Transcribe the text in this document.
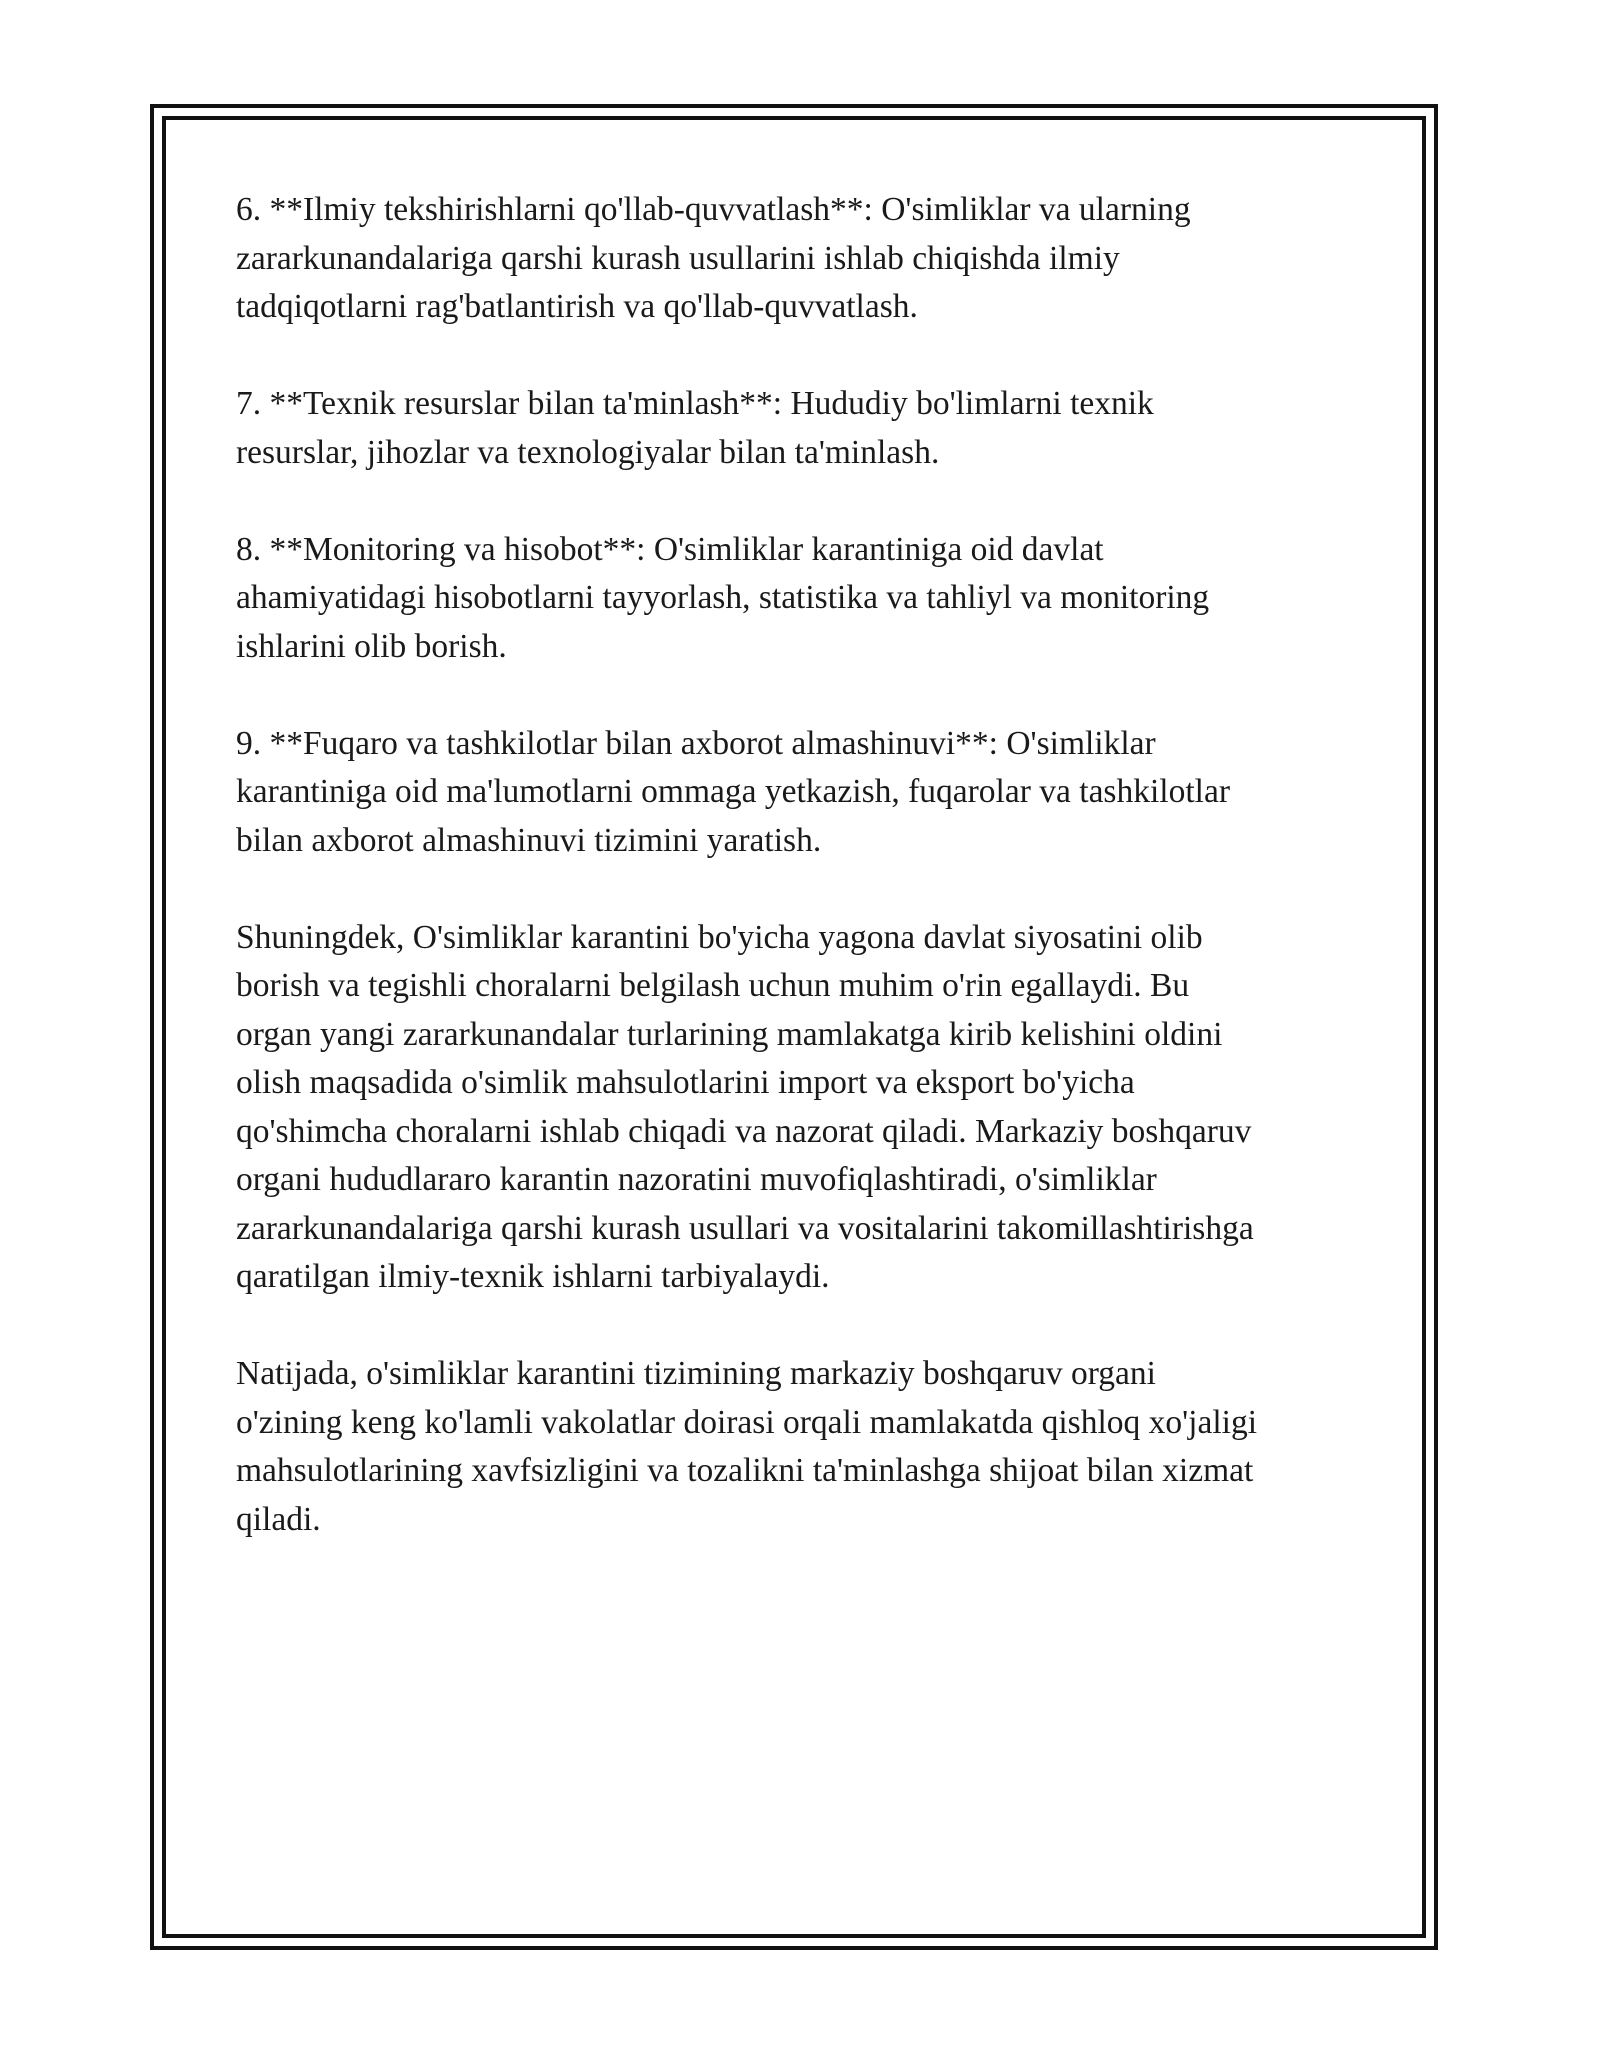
6. **Ilmiy tekshirishlarni qo'llab-quvvatlash**: O'simliklar va ularning
zararkunandalariga qarshi kurash usullarini ishlab chiqishda ilmiy
tadqiqotlarni rag'batlantirish va qo'llab-quvvatlash.

7. **Texnik resurslar bilan ta'minlash**: Hududiy bo'limlarni texnik
resurslar, jihozlar va texnologiyalar bilan ta'minlash.

8. **Monitoring va hisobot**: O'simliklar karantiniga oid davlat
ahamiyatidagi hisobotlarni tayyorlash, statistika va tahliyl va monitoring
ishlarini olib borish.

9. **Fuqaro va tashkilotlar bilan axborot almashinuvi**: O'simliklar
karantiniga oid ma'lumotlarni ommaga yetkazish, fuqarolar va tashkilotlar
bilan axborot almashinuvi tizimini yaratish.

Shuningdek, O'simliklar karantini bo'yicha yagona davlat siyosatini olib
borish va tegishli choralarni belgilash uchun muhim o'rin egallaydi. Bu
organ yangi zararkunandalar turlarining mamlakatga kirib kelishini oldini
olish maqsadida o'simlik mahsulotlarini import va eksport bo'yicha
qo'shimcha choralarni ishlab chiqadi va nazorat qiladi. Markaziy boshqaruv
organi hududlararo karantin nazoratini muvofiqlashtiradi, o'simliklar
zararkunandalariga qarshi kurash usullari va vositalarini takomillashtirishga
qaratilgan ilmiy-texnik ishlarni tarbiyalaydi.

Natijada, o'simliklar karantini tizimining markaziy boshqaruv organi
o'zining keng ko'lamli vakolatlar doirasi orqali mamlakatda qishloq xo'jaligi
mahsulotlarining xavfsizligini va tozalikni ta'minlashga shijoat bilan xizmat
qiladi.
